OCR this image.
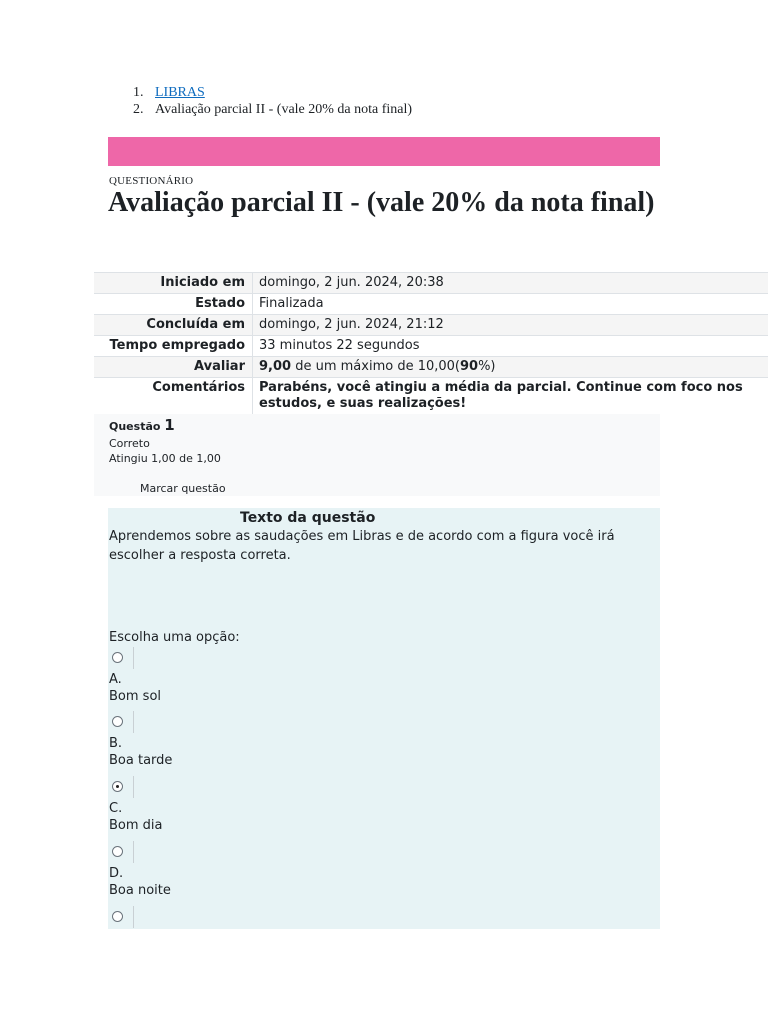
1. LIBRAS
2. Avaliação parcial II - (vale 20% da nota final)
QUESTIONÁRIO
Avaliação parcial II - (vale 20% da nota final)
Iniciado em	domingo, 2 jun. 2024, 20:38
Estado	Finalizada
Concluída em	domingo, 2 jun. 2024, 21:12
Tempo empregado	33 minutos 22 segundos
Avaliar	9,00 de um máximo de 10,00(90%)
Comentários	Parabéns, você atingiu a média da parcial. Continue com foco nos estudos, e suas realizações!
Questão 1
Correto
Atingiu 1,00 de 1,00
Marcar questão
Texto da questão
Aprendemos sobre as saudações em Libras e de acordo com a figura você irá escolher a resposta correta.
Escolha uma opção:
A.
Bom sol
B.
Boa tarde
C.
Bom dia
D.
Boa noite
